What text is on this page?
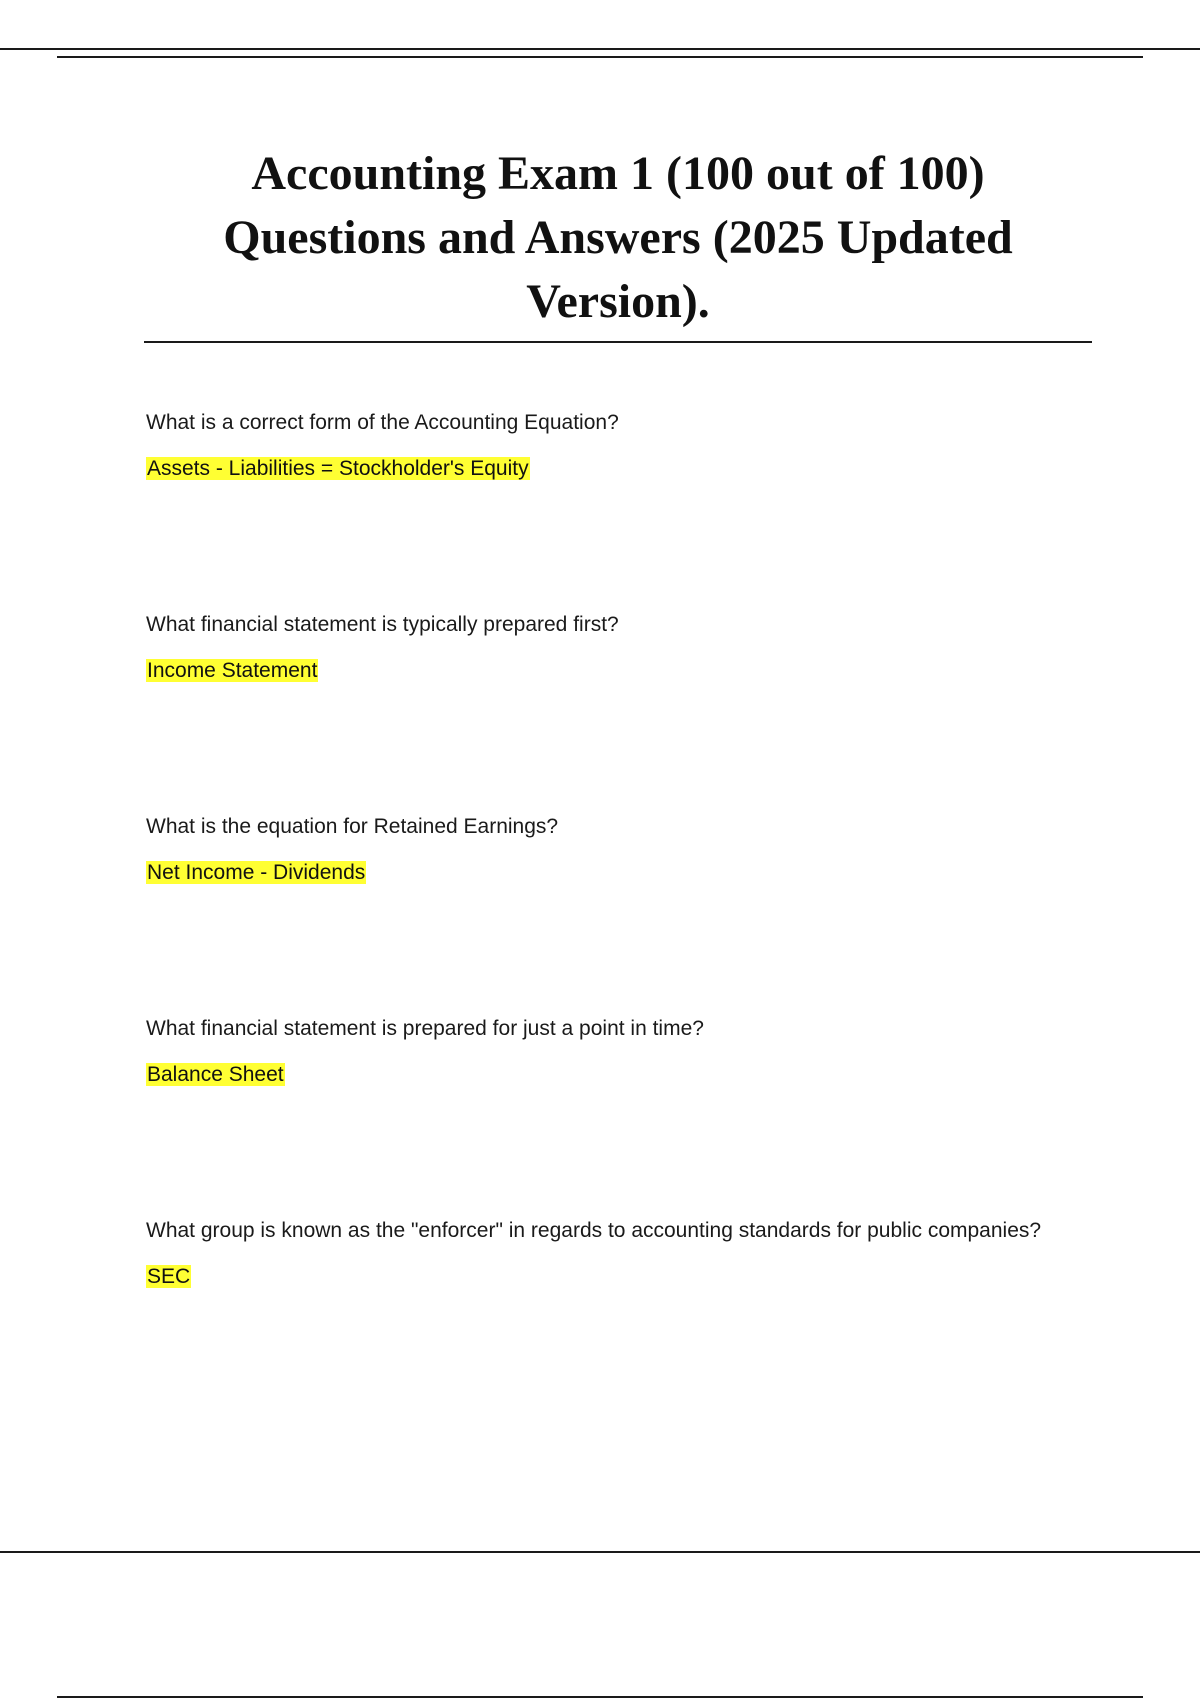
Accounting Exam 1 (100 out of 100) Questions and Answers (2025 Updated Version).

What is a correct form of the Accounting Equation?

Assets - Liabilities = Stockholder's Equity

What financial statement is typically prepared first?

Income Statement

What is the equation for Retained Earnings?

Net Income - Dividends

What financial statement is prepared for just a point in time?

Balance Sheet

What group is known as the "enforcer" in regards to accounting standards for public companies?

SEC
